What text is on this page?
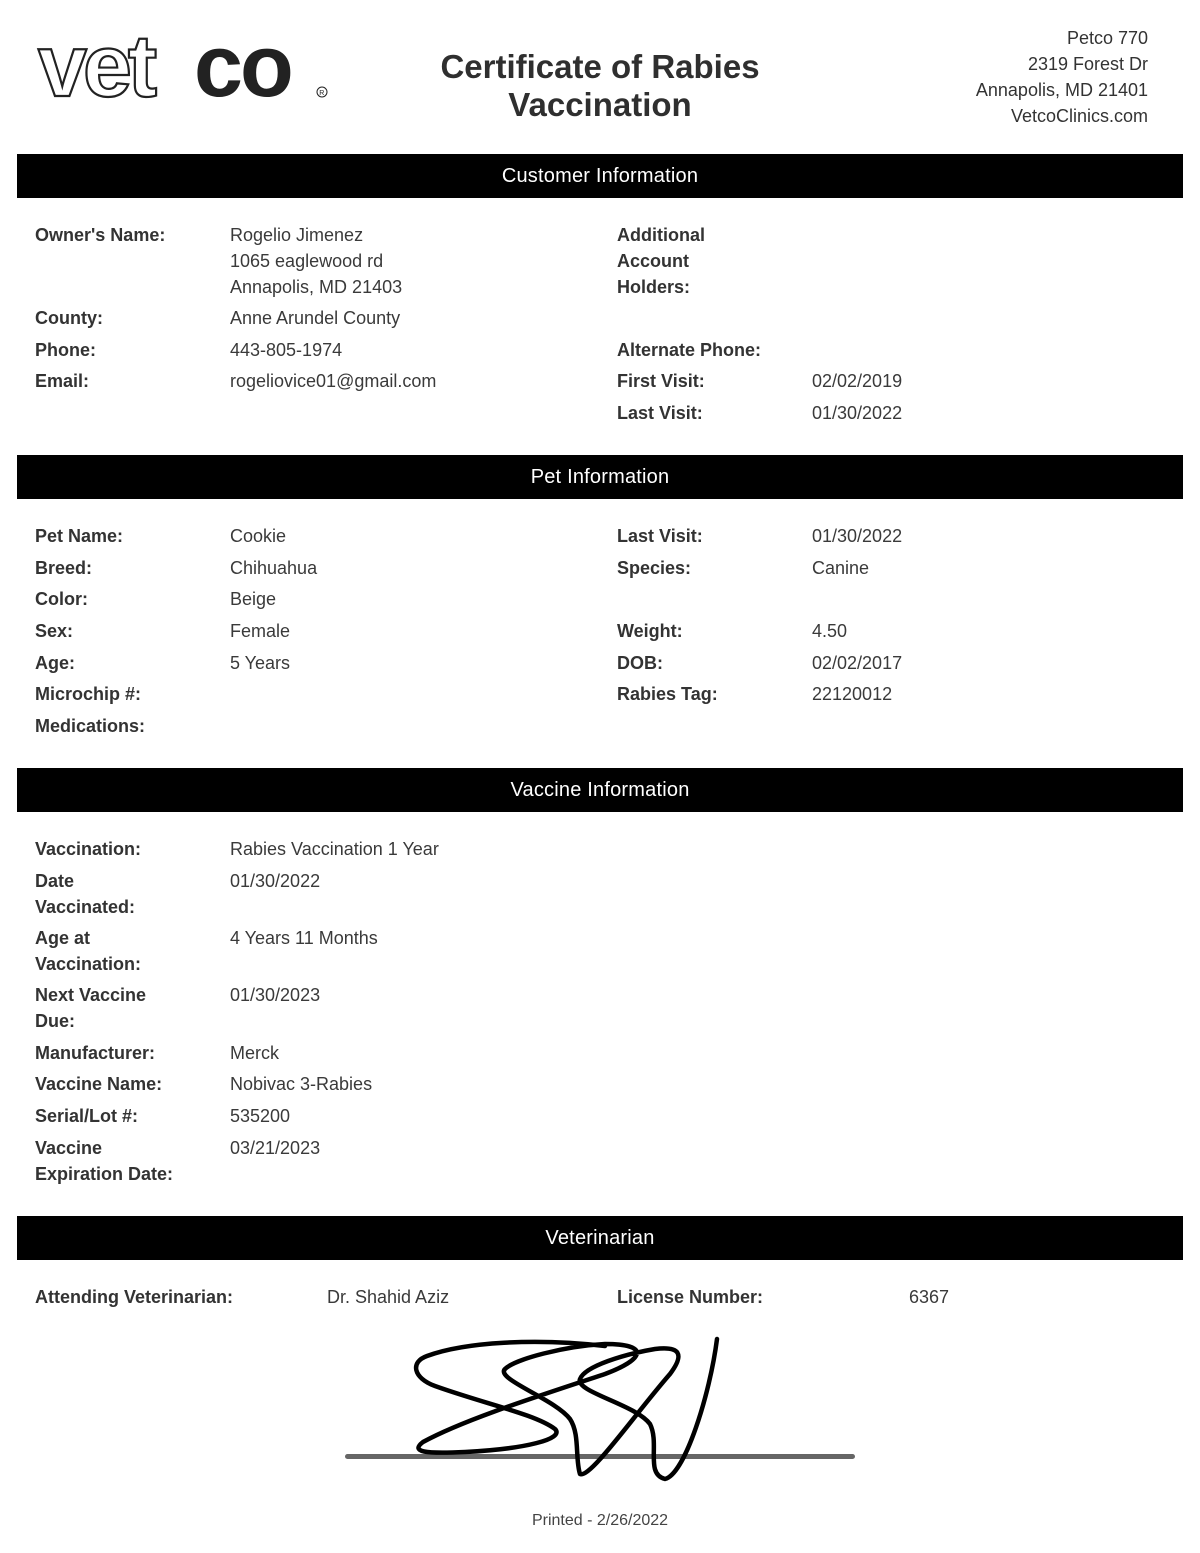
vet co	R
Certificate of Rabies
Vaccination
Petco 770
2319 Forest Dr
Annapolis, MD 21401
VetcoClinics.com
Customer Information
Owner's Name:	Rogelio Jimenez
1065 eaglewood rd
Annapolis, MD 21403
County:	Anne Arundel County
Phone:	443-805-1974
Email:	rogeliovice01@gmail.com
Additional
Account
Holders:
Alternate Phone:
First Visit:	02/02/2019
Last Visit:	01/30/2022
Pet Information
Pet Name:	Cookie
Breed:	Chihuahua
Color:	Beige
Sex:	Female
Age:	5 Years
Microchip #:
Medications:
Last Visit:	01/30/2022
Species:	Canine
Weight:	4.50
DOB:	02/02/2017
Rabies Tag:	22120012
Vaccine Information
Vaccination:	Rabies Vaccination 1 Year
Date
Vaccinated:
01/30/2022
Age at
Vaccination:
4 Years 11 Months
Next Vaccine
Due:
01/30/2023
Manufacturer:	Merck
Vaccine Name:	Nobivac 3-Rabies
Serial/Lot #:	535200
Vaccine
Expiration Date:
03/21/2023
Veterinarian
Attending Veterinarian:	Dr. Shahid Aziz	License Number:	6367
Printed - 2/26/2022
